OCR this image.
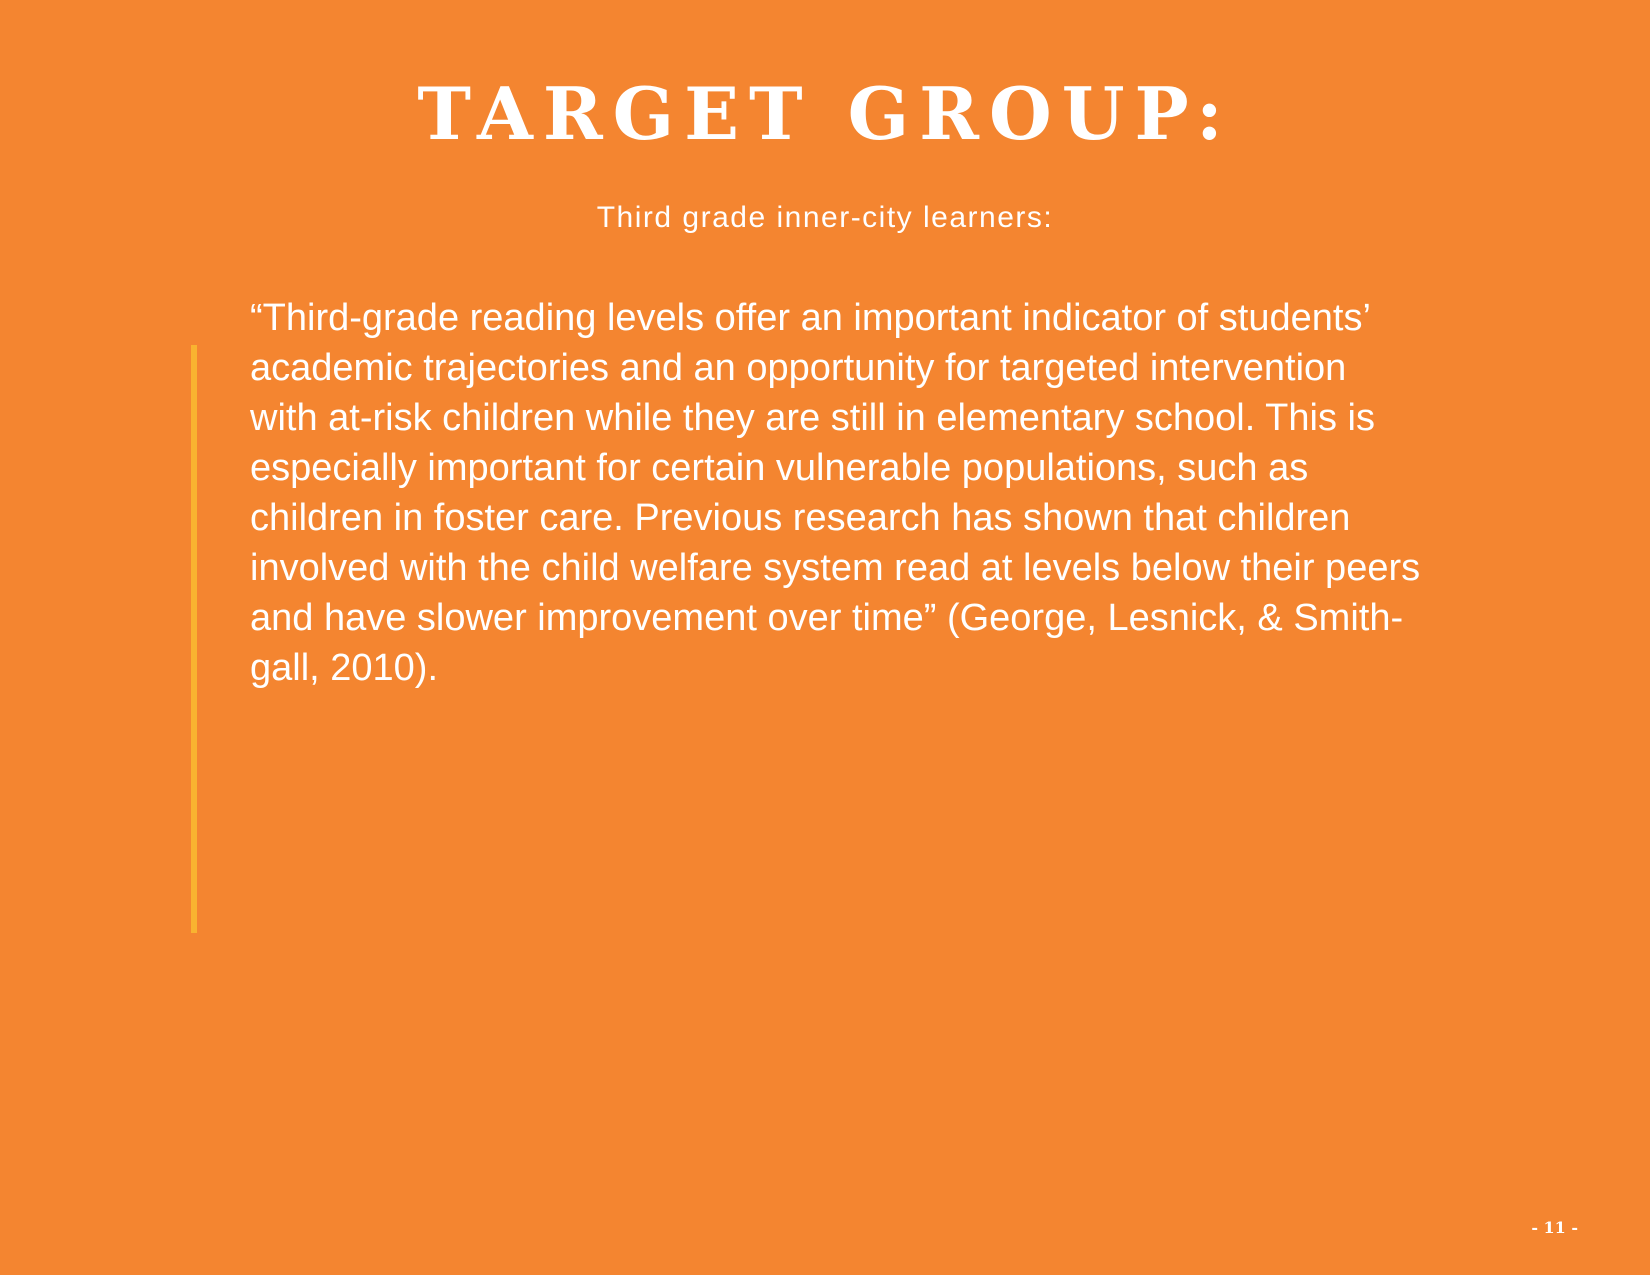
TARGET GROUP:

Third grade inner-city learners:

“Third-grade reading levels offer an important indicator of students’
academic trajectories and an opportunity for targeted intervention
with at-risk children while they are still in elementary school. This is
especially important for certain vulnerable populations, such as
children in foster care. Previous research has shown that children
involved with the child welfare system read at levels below their peers
and have slower improvement over time” (George, Lesnick, & Smith-
gall, 2010).

- 11 -
